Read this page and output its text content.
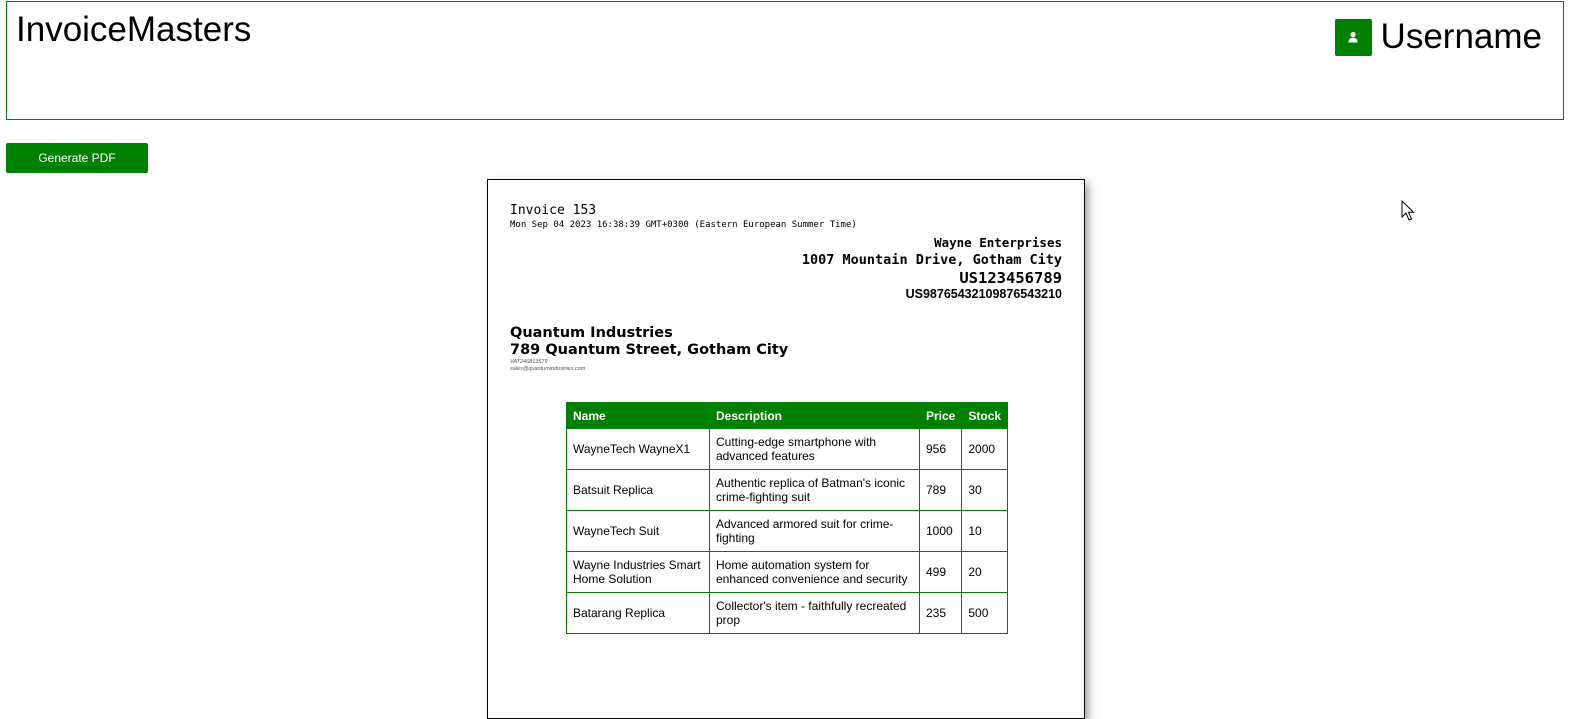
InvoiceMasters	Username
Generate PDF
Invoice 153
Mon Sep 04 2023 16:38:39 GMT+0300 (Eastern European Summer Time)
Wayne Enterprises
1007 Mountain Drive, Gotham City
US123456789
US98765432109876543210
Quantum Industries
789 Quantum Street, Gotham City
VAT246813579
sales@quantumindustries.com
Name	Description	Price	Stock
WayneTech WayneX1	Cutting-edge smartphone with advanced features	956	2000
Batsuit Replica	Authentic replica of Batman's iconic crime-fighting suit	789	30
WayneTech Suit	Advanced armored suit for crime-fighting	1000	10
Wayne Industries Smart Home Solution	Home automation system for enhanced convenience and security	499	20
Batarang Replica	Collector's item - faithfully recreated prop	235	500
